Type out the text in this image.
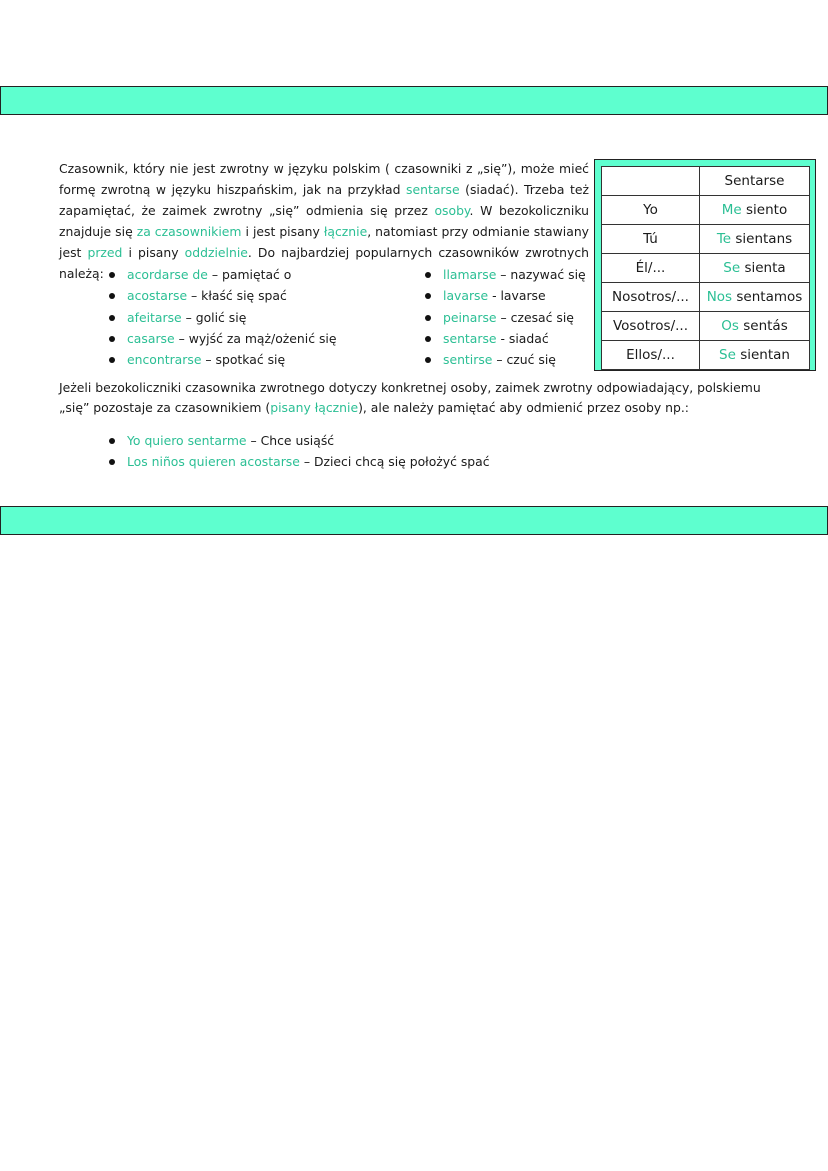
Czasownik, który nie jest zwrotny w języku polskim ( czasowniki z „się”), może mieć formę zwrotną w języku hiszpańskim, jak na przykład sentarse (siadać). Trzeba też zapamiętać, że zaimek zwrotny „się” odmienia się przez osoby. W bezokoliczniku znajduje się za czasownikiem i jest pisany łącznie, natomiast przy odmianie stawiany jest przed i pisany oddzielnie. Do najbardziej popularnych czasowników zwrotnych należą:	acordarse de – pamiętać o
acostarse – kłaść się spać
afeitarse – golić się
casarse – wyjść za mąż/ożenić się
encontrarse – spotkać się
llamarse – nazywać się
lavarse - lavarse
peinarse – czesać się
sentarse - siadać
sentirse – czuć się
	Sentarse
Yo	Me siento
Tú	Te sientans
Él/...	Se sienta
Nosotros/...	Nos sentamos
Vosotros/...	Os sentás
Ellos/...	Se sientan

Jeżeli bezokoliczniki czasownika zwrotnego dotyczy konkretnej osoby, zaimek zwrotny odpowiadający, polskiemu „się” pozostaje za czasownikiem (pisany łącznie), ale należy pamiętać aby odmienić przez osoby np.:

Yo quiero sentarme – Chce usiąść
Los niños quieren acostarse – Dzieci chcą się położyć spać
